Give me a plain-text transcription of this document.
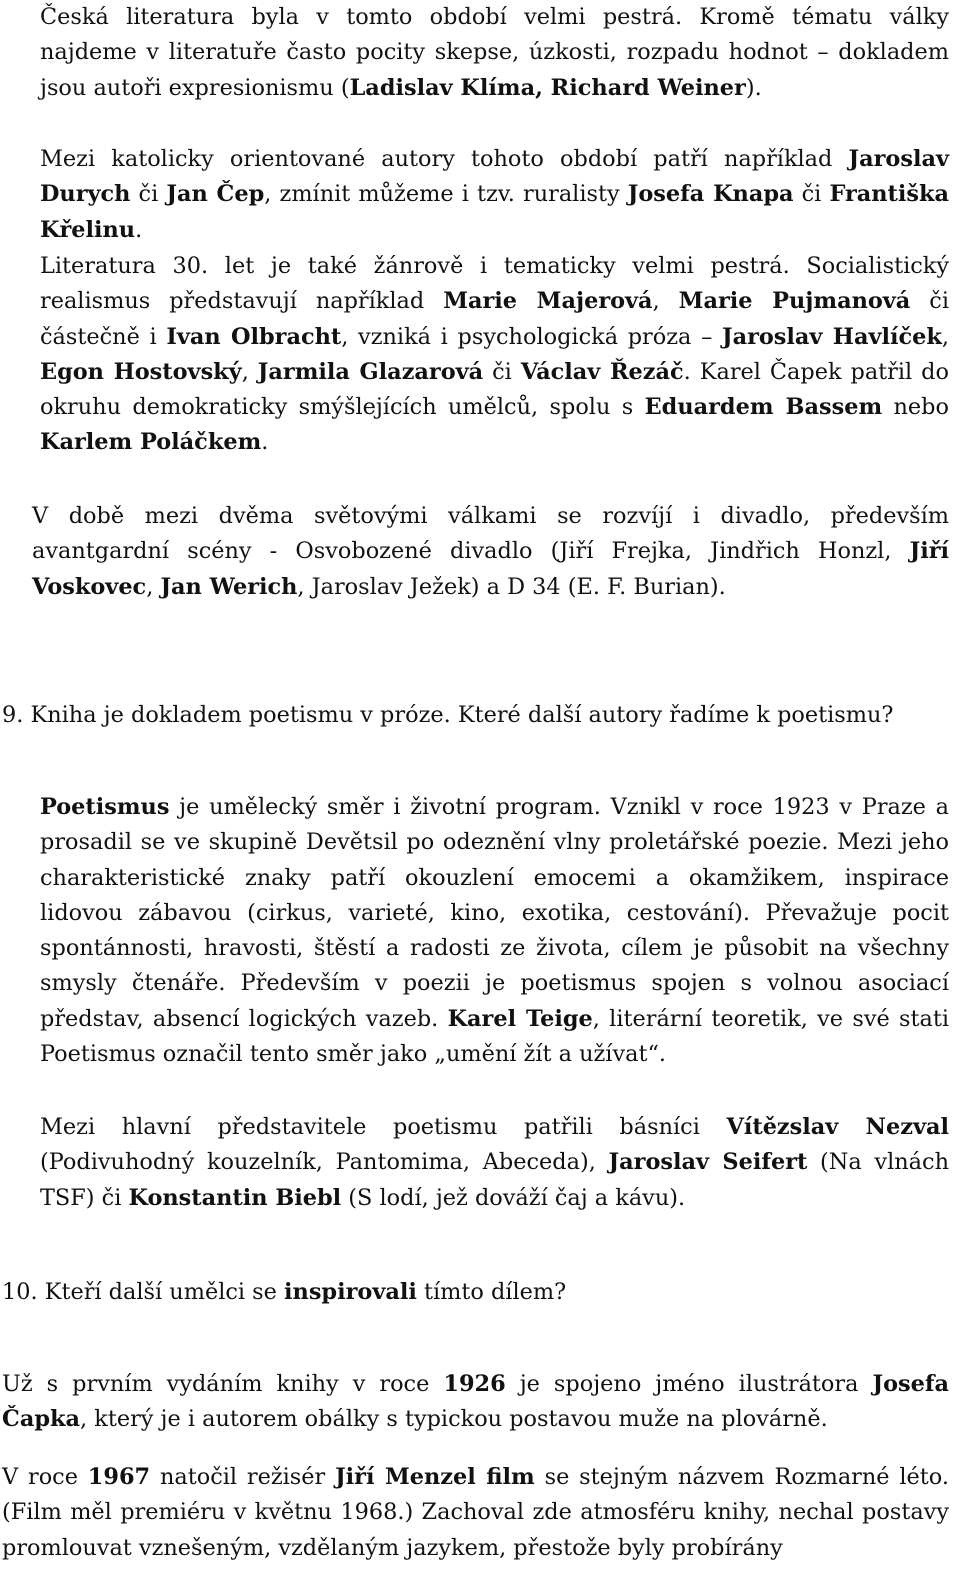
Česká literatura byla v tomto období velmi pestrá. Kromě tématu války najdeme v literatuře často pocity skepse, úzkosti, rozpadu hodnot – dokladem jsou autoři expresionismu (Ladislav Klíma, Richard Weiner).

Mezi katolicky orientované autory tohoto období patří například Jaroslav Durych či Jan Čep, zmínit můžeme i tzv. ruralisty Josefa Knapa či Františka Křelinu.

Literatura 30. let je také žánrově i tematicky velmi pestrá. Socialistický realismus představují například Marie Majerová, Marie Pujmanová či částečně i Ivan Olbracht, vzniká i psychologická próza – Jaroslav Havlíček, Egon Hostovský, Jarmila Glazarová či Václav Řezáč. Karel Čapek patřil do okruhu demokraticky smýšlejících umělců, spolu s Eduardem Bassem nebo Karlem Poláčkem.

V době mezi dvěma světovými válkami se rozvíjí i divadlo, především avantgardní scény - Osvobozené divadlo (Jiří Frejka, Jindřich Honzl, Jiří Voskovec, Jan Werich, Jaroslav Ježek) a D 34 (E. F. Burian).

9. Kniha je dokladem poetismu v próze. Které další autory řadíme k poetismu?

Poetismus je umělecký směr i životní program. Vznikl v roce 1923 v Praze a prosadil se ve skupině Devětsil po odeznění vlny proletářské poezie. Mezi jeho charakteristické znaky patří okouzlení emocemi a okamžikem, inspirace lidovou zábavou (cirkus, varieté, kino, exotika, cestování). Převažuje pocit spontánnosti, hravosti, štěstí a radosti ze života, cílem je působit na všechny smysly čtenáře. Především v poezii je poetismus spojen s volnou asociací představ, absencí logických vazeb. Karel Teige, literární teoretik, ve své stati Poetismus označil tento směr jako „umění žít a užívat“.

Mezi hlavní představitele poetismu patřili básníci Vítězslav Nezval (Podivuhodný kouzelník, Pantomima, Abeceda), Jaroslav Seifert (Na vlnách TSF) či Konstantin Biebl (S lodí, jež dováží čaj a kávu).

10. Kteří další umělci se inspirovali tímto dílem?

Už s prvním vydáním knihy v roce 1926 je spojeno jméno ilustrátora Josefa Čapka, který je i autorem obálky s typickou postavou muže na plovárně.

V roce 1967 natočil režisér Jiří Menzel film se stejným názvem Rozmarné léto. (Film měl premiéru v květnu 1968.) Zachoval zde atmosféru knihy, nechal postavy promlouvat vznešeným, vzdělaným jazykem, přestože byly probírány
